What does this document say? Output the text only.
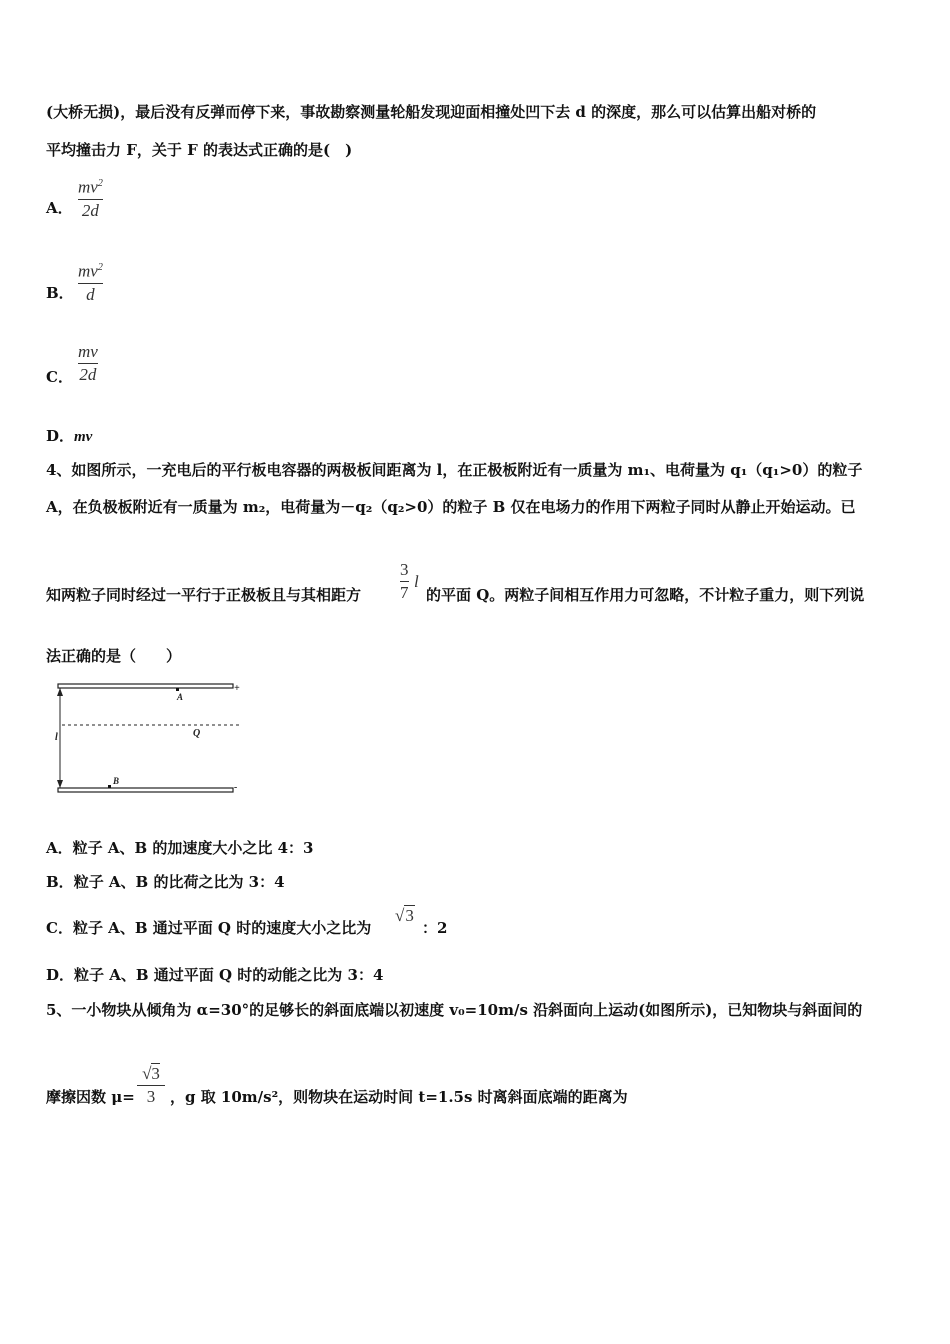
(大桥无损)，最后没有反弹而停下来，事故勘察测量轮船发现迎面相撞处凹下去 d 的深度，那么可以估算出船对桥的
平均撞击力 F，关于 F 的表达式正确的是(　)
A．
$mv^2$
2d
B．
$mv^2$
d
C．
mv
2d
D．mv
4、如图所示，一充电后的平行板电容器的两极板间距离为 l，在正极板附近有一质量为 m₁、电荷量为 q₁（q₁>0）的粒子
A，在负极板附近有一质量为 m₂，电荷量为－q₂（q₂>0）的粒子 B 仅在电场力的作用下两粒子同时从静止开始运动。已
知两粒子同时经过一平行于正极板且与其相距方
3
7
l
的平面 Q。两粒子间相互作用力可忽略，不计粒子重力，则下列说
法正确的是（　　）
+
-
l	Q
A
B
A．粒子 A、B 的加速度大小之比 4：3
B．粒子 A、B 的比荷之比为 3：4
C．粒子 A、B 通过平面 Q 时的速度大小之比为
√3
：2
D．粒子 A、B 通过平面 Q 时的动能之比为 3：4
5、一小物块从倾角为 α=30°的足够长的斜面底端以初速度 v₀=10m/s 沿斜面向上运动(如图所示)，已知物块与斜面间的
摩擦因数 μ=
√3
3 ，g 取 10m/s²，则物块在运动时间 t=1.5s 时离斜面底端的距离为
